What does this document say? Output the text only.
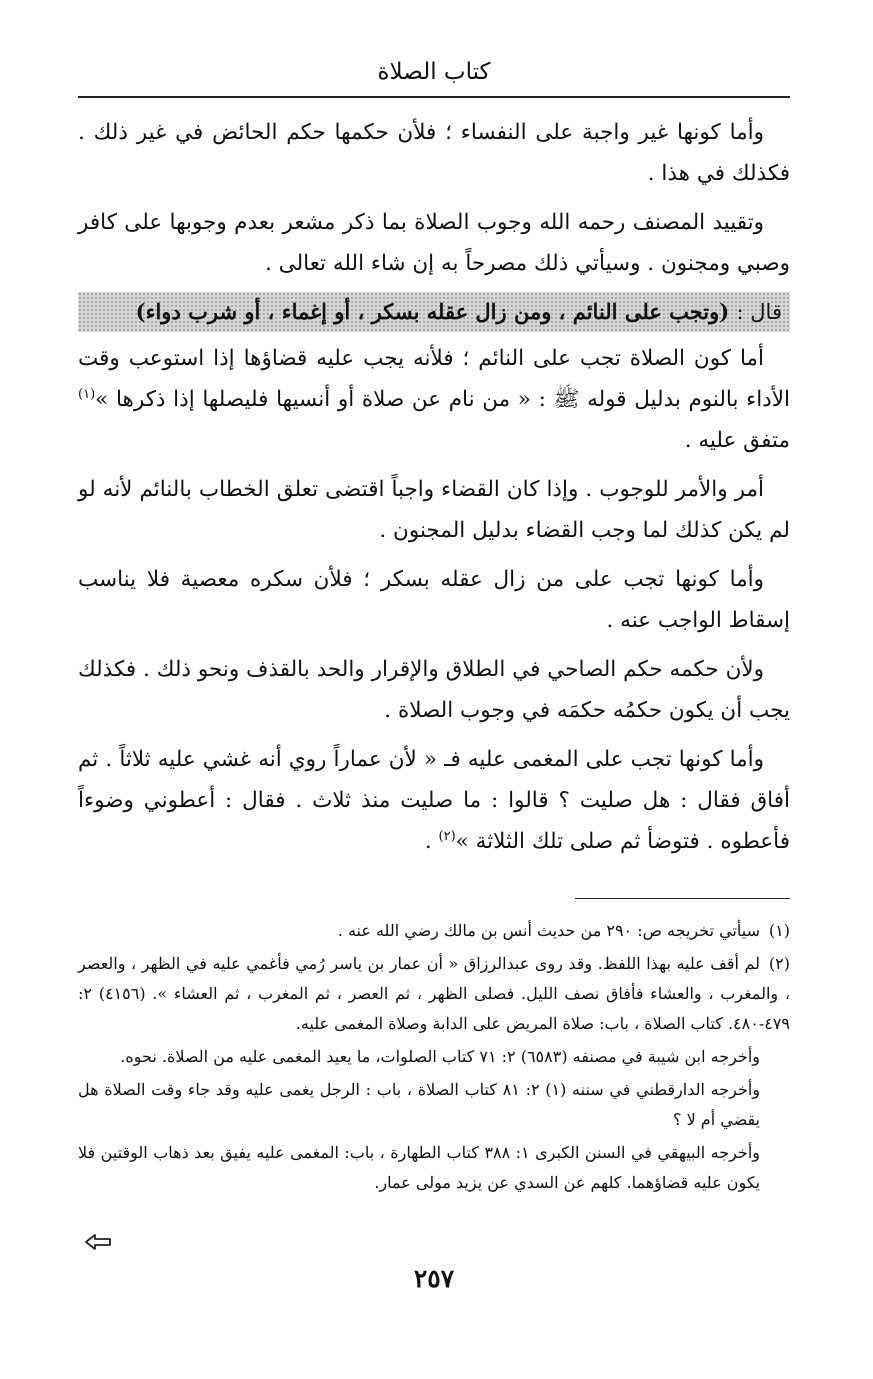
كتاب الصلاة

وأما كونها غير واجبة على النفساء ؛ فلأن حكمها حكم الحائض في غير ذلك . فكذلك في هذا .

وتقييد المصنف رحمه الله وجوب الصلاة بما ذكر مشعر بعدم وجوبها على كافر وصبي ومجنون . وسيأتي ذلك مصرحاً به إن شاء الله تعالى .

قال : (وتجب على النائم ، ومن زال عقله بسكر ، أو إغماء ، أو شرب دواء)

أما كون الصلاة تجب على النائم ؛ فلأنه يجب عليه قضاؤها إذا استوعب وقت الأداء بالنوم بدليل قوله ﷺ : « من نام عن صلاة أو أنسيها فليصلها إذا ذكرها »$^{(١)}$ متفق عليه .

أمر والأمر للوجوب . وإذا كان القضاء واجباً اقتضى تعلق الخطاب بالنائم لأنه لو لم يكن كذلك لما وجب القضاء بدليل المجنون .

وأما كونها تجب على من زال عقله بسكر ؛ فلأن سكره معصية فلا يناسب إسقاط الواجب عنه .

ولأن حكمه حكم الصاحي في الطلاق والإقرار والحد بالقذف ونحو ذلك . فكذلك يجب أن يكون حكمُه حكمَه في وجوب الصلاة .

وأما كونها تجب على المغمى عليه فـ « لأن عماراً روي أنه غشي عليه ثلاثاً . ثم أفاق فقال : هل صليت ؟ قالوا : ما صليت منذ ثلاث . فقال : أعطوني وضوءاً فأعطوه . فتوضأ ثم صلى تلك الثلاثة »$^{(٢)}$ .

(١)سيأتي تخريجه ص: ٢٩٠ من حديث أنس بن مالك رضي الله عنه .

(٢)لم أقف عليه بهذا اللفظ. وقد روى عبدالرزاق « أن عمار بن ياسر رُمي فأغمي عليه في الظهر ، والعصر ، والمغرب ، والعشاء فأفاق نصف الليل. فصلى الظهر ، ثم العصر ، ثم المغرب ، ثم العشاء ». (٤١٥٦) ٢: ٤٧٩-٤٨٠. كتاب الصلاة ، باب: صلاة المريض على الدابة وصلاة المغمى عليه.

وأخرجه ابن شيبة في مصنفه (٦٥٨٣) ٢: ٧١ كتاب الصلوات، ما يعيد المغمى عليه من الصلاة. نحوه.

وأخرجه الدارقطني في سننه (١) ٢: ٨١ كتاب الصلاة ، باب : الرجل يغمى عليه وقد جاء وقت الصلاة هل يقضي أم لا ؟

وأخرجه البيهقي في السنن الكبرى ١: ٣٨٨ كتاب الطهارة ، باب: المغمى عليه يفيق بعد ذهاب الوقتين فلا يكون عليه قضاؤهما. كلهم عن السدي عن يزيد مولى عمار.

٢٥٧
